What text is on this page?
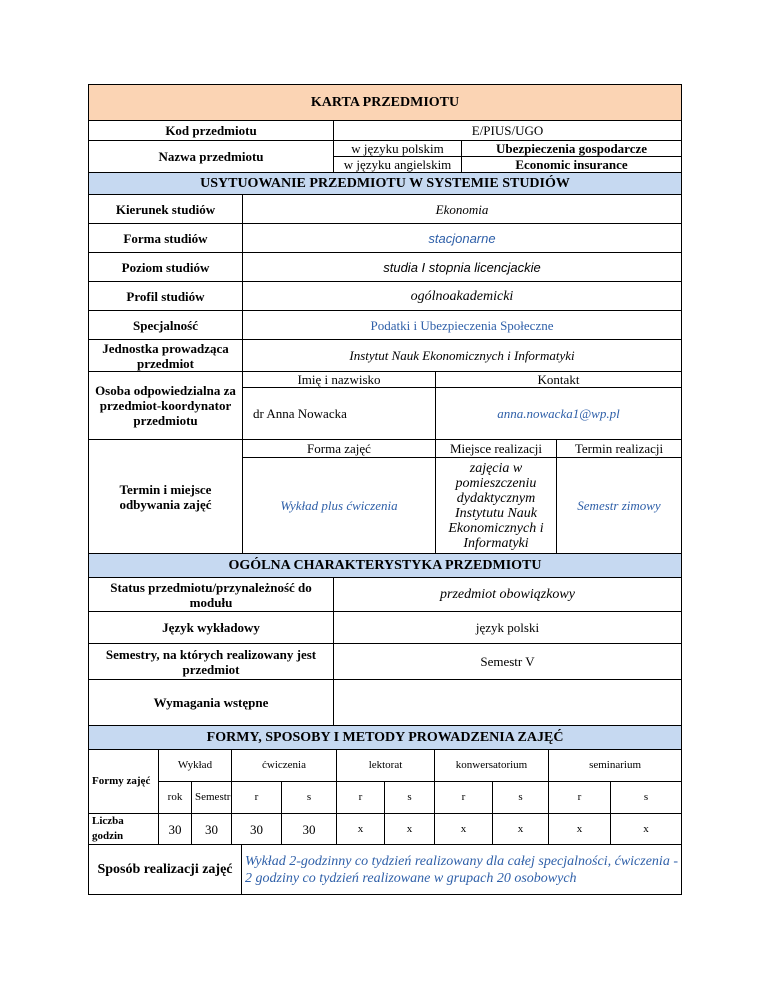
KARTA PRZEDMIOTU		
Kod przedmiotu	E/PIUS/UGO	
Nazwa przedmiotu	w języku polskim	Ubezpieczenia gospodarcze
	w języku angielskim	Economic insurance
USYTUOWANIE PRZEDMIOTU W SYSTEMIE STUDIÓW			
Kierunek studiów	Ekonomia		
Forma studiów	stacjonarne		
Poziom studiów	studia I stopnia licencjackie		
Profil studiów	ogólnoakademicki		
Specjalność	Podatki i Ubezpieczenia Społeczne		
Jednostka prowadząca przedmiot	Instytut Nauk Ekonomicznych i Informatyki		
Osoba odpowiedzialna za przedmiot-koordynator przedmiotu	Imię i nazwisko	Kontakt	
	dr Anna Nowacka	anna.nowacka1@wp.pl	
Termin i miejsce odbywania zajęć	Forma zajęć	Miejsce realizacji	Termin realizacji
	Wykład plus ćwiczenia	zajęcia w pomieszczeniu dydaktycznym Instytutu Nauk Ekonomicznych i Informatyki	Semestr zimowy
OGÓLNA CHARAKTERYSTYKA PRZEDMIOTU	
Status przedmiotu/przynależność do modułu	przedmiot obowiązkowy
Język wykładowy	język polski
Semestry, na których realizowany jest przedmiot	Semestr V
Wymagania wstępne	
FORMY, SPOSOBY I METODY PROWADZENIA ZAJĘĆ										
Formy zajęć	Wykład		ćwiczenia		lektorat		konwersatorium		seminarium	
	rok	Semestr	r	s	r	s	r	s	r	s
Liczba godzin	30	30	30	30	x	x	x	x	x	x
Sposób realizacji zajęć	Wykład 2-godzinny co tydzień realizowany dla całej specjalności, ćwiczenia - 2 godziny co tydzień realizowane w grupach 20 osobowych
